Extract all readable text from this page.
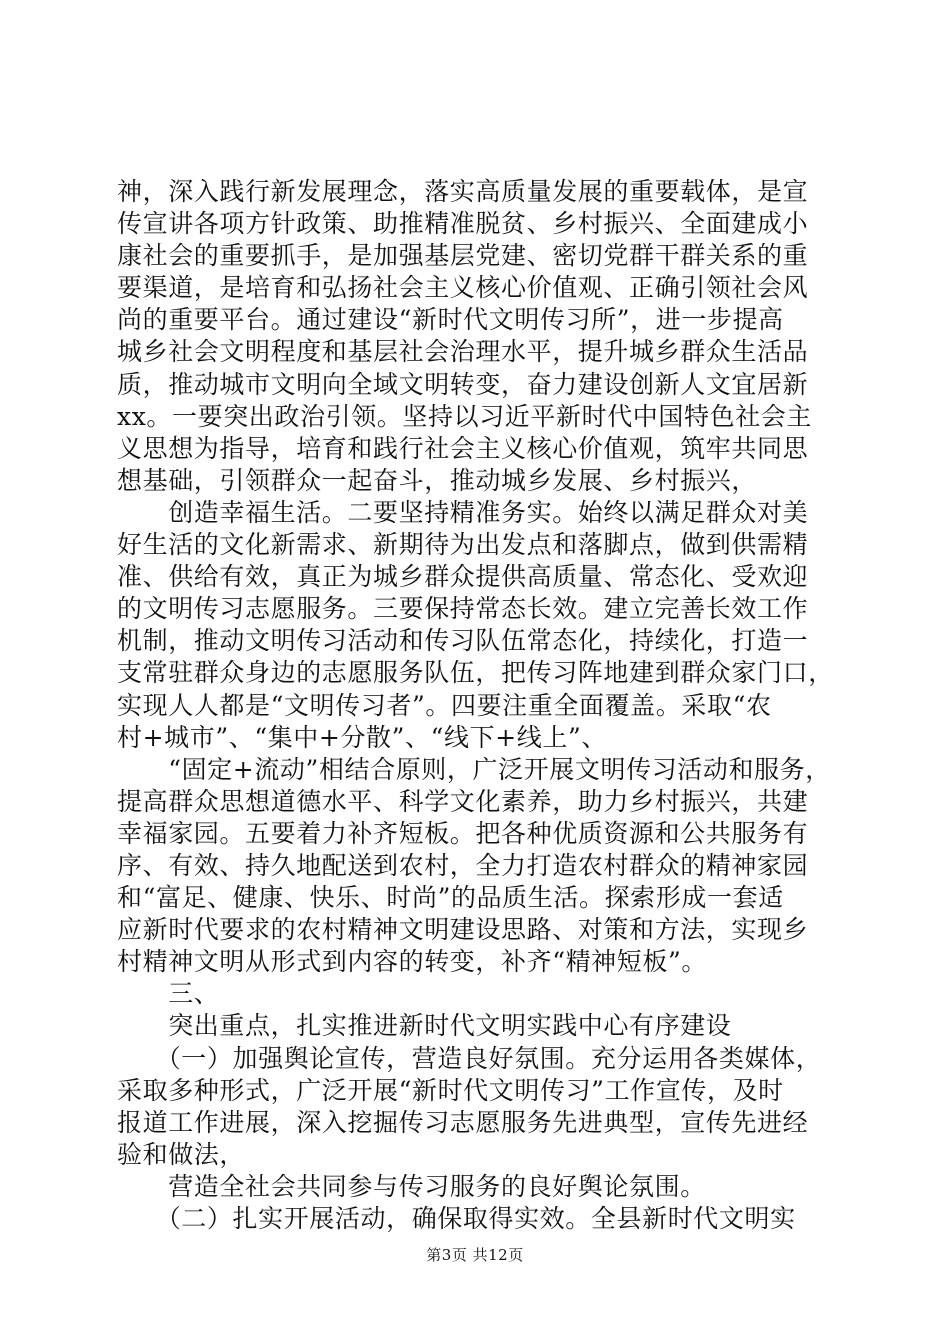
神，深入践行新发展理念，落实高质量发展的重要载体，是宣

传宣讲各项方针政策、助推精准脱贫、乡村振兴、全面建成小

康社会的重要抓手，是加强基层党建、密切党群干群关系的重

要渠道，是培育和弘扬社会主义核心价值观、正确引领社会风

尚的重要平台。通过建设“新时代文明传习所”，进一步提高

城乡社会文明程度和基层社会治理水平，提升城乡群众生活品

质，推动城市文明向全域文明转变，奋力建设创新人文宜居新

xx。一要突出政治引领。坚持以习近平新时代中国特色社会主

义思想为指导，培育和践行社会主义核心价值观，筑牢共同思

想基础，引领群众一起奋斗，推动城乡发展、乡村振兴，

　　创造幸福生活。二要坚持精准务实。始终以满足群众对美

好生活的文化新需求、新期待为出发点和落脚点，做到供需精

准、供给有效，真正为城乡群众提供高质量、常态化、受欢迎

的文明传习志愿服务。三要保持常态长效。建立完善长效工作

机制，推动文明传习活动和传习队伍常态化，持续化，打造一

支常驻群众身边的志愿服务队伍，把传习阵地建到群众家门口，

实现人人都是“文明传习者”。四要注重全面覆盖。采取“农

村+城市”、“集中+分散”、“线下+线上”、

　　“固定+流动”相结合原则，广泛开展文明传习活动和服务，

提高群众思想道德水平、科学文化素养，助力乡村振兴，共建

幸福家园。五要着力补齐短板。把各种优质资源和公共服务有

序、有效、持久地配送到农村，全力打造农村群众的精神家园

和“富足、健康、快乐、时尚”的品质生活。探索形成一套适

应新时代要求的农村精神文明建设思路、对策和方法，实现乡

村精神文明从形式到内容的转变，补齐“精神短板”。

　　三、

　　突出重点，扎实推进新时代文明实践中心有序建设

　　（一）加强舆论宣传，营造良好氛围。充分运用各类媒体，

采取多种形式，广泛开展“新时代文明传习”工作宣传，及时

报道工作进展，深入挖掘传习志愿服务先进典型，宣传先进经

验和做法，

　　营造全社会共同参与传习服务的良好舆论氛围。

　　（二）扎实开展活动，确保取得实效。全县新时代文明实

第3页 共12页
